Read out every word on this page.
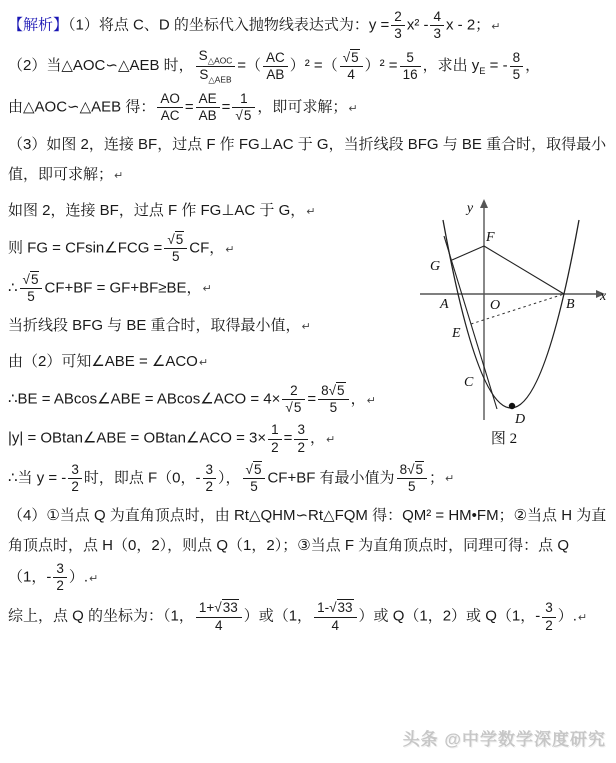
【解析】（1）将点 C、D 的坐标代入抛物线表达式为：$y = \frac{2}{3} x^2 - \frac{4}{3}$ x - 2；↵

（2）当△AOC∽△AEB 时， $\frac{S_{\triangle AOC}}{S_{\triangle AEB}}$ =（ $\frac{AC}{AB} )^2$ =（ $\frac{√5}{4} )^2 = \frac{5}{16}$ ，求出 $y_E$ = - $\frac{8}{5}$ ，

由△AOC∽△AEB 得： $\frac{AO}{AC} = \frac{AE}{AB} = \frac{1}{√5}$ ，即可求解；↵

（3）如图 2，连接 BF，过点 F 作 FG⊥AC 于 G，当折线段 BFG 与 BE 重合时，取得最小值，即可求解；↵

y
x
O
F
G
A	B
E
C
D
图 2

如图 2，连接 BF，过点 F 作 FG⊥AC 于 G，↵

则 FG = CFsin∠FCG = $\frac{√5}{5}$ CF，↵

∴ $\frac{√5}{5} CF+BF = GF+BF\ge BE$，↵

当折线段 BFG 与 BE 重合时，取得最小值，↵

由（2）可知∠ABE = ∠ACO↵

∴BE = ABcos∠ABE = ABcos∠ACO = $4\times \frac{2}{√5} = \frac{8√5}{5}$ ，↵

|y| = OBtan∠ABE = OBtan∠ACO = $3\times \frac{1}{2} = \frac{3}{2}$ ，↵

∴当 y = - $\frac{3}{2}$ 时，即点 F（0，- $\frac{3}{2}$ ）， $\frac{√5}{5} CF+BF$ 有最小值为 $\frac{8√5}{5}$ ；↵

（4）①当点 Q 为直角顶点时，由 Rt△QHM∽Rt△FQM 得：QM² = HM•FM；②当点 H 为直角顶点时，点 H（0，2），则点 Q（1，2）；③当点 F 为直角顶点时，同理可得：点 Q（1，- $\frac{3}{2}$ ）.↵

综上，点 Q 的坐标为：（1， $\frac{1+√33}{4}$ ）或（1， $\frac{1-√33}{4}$ ）或 Q（1，2）或 Q（1，- $\frac{3}{2}$ ）.↵

头条 @中学数学深度研究
